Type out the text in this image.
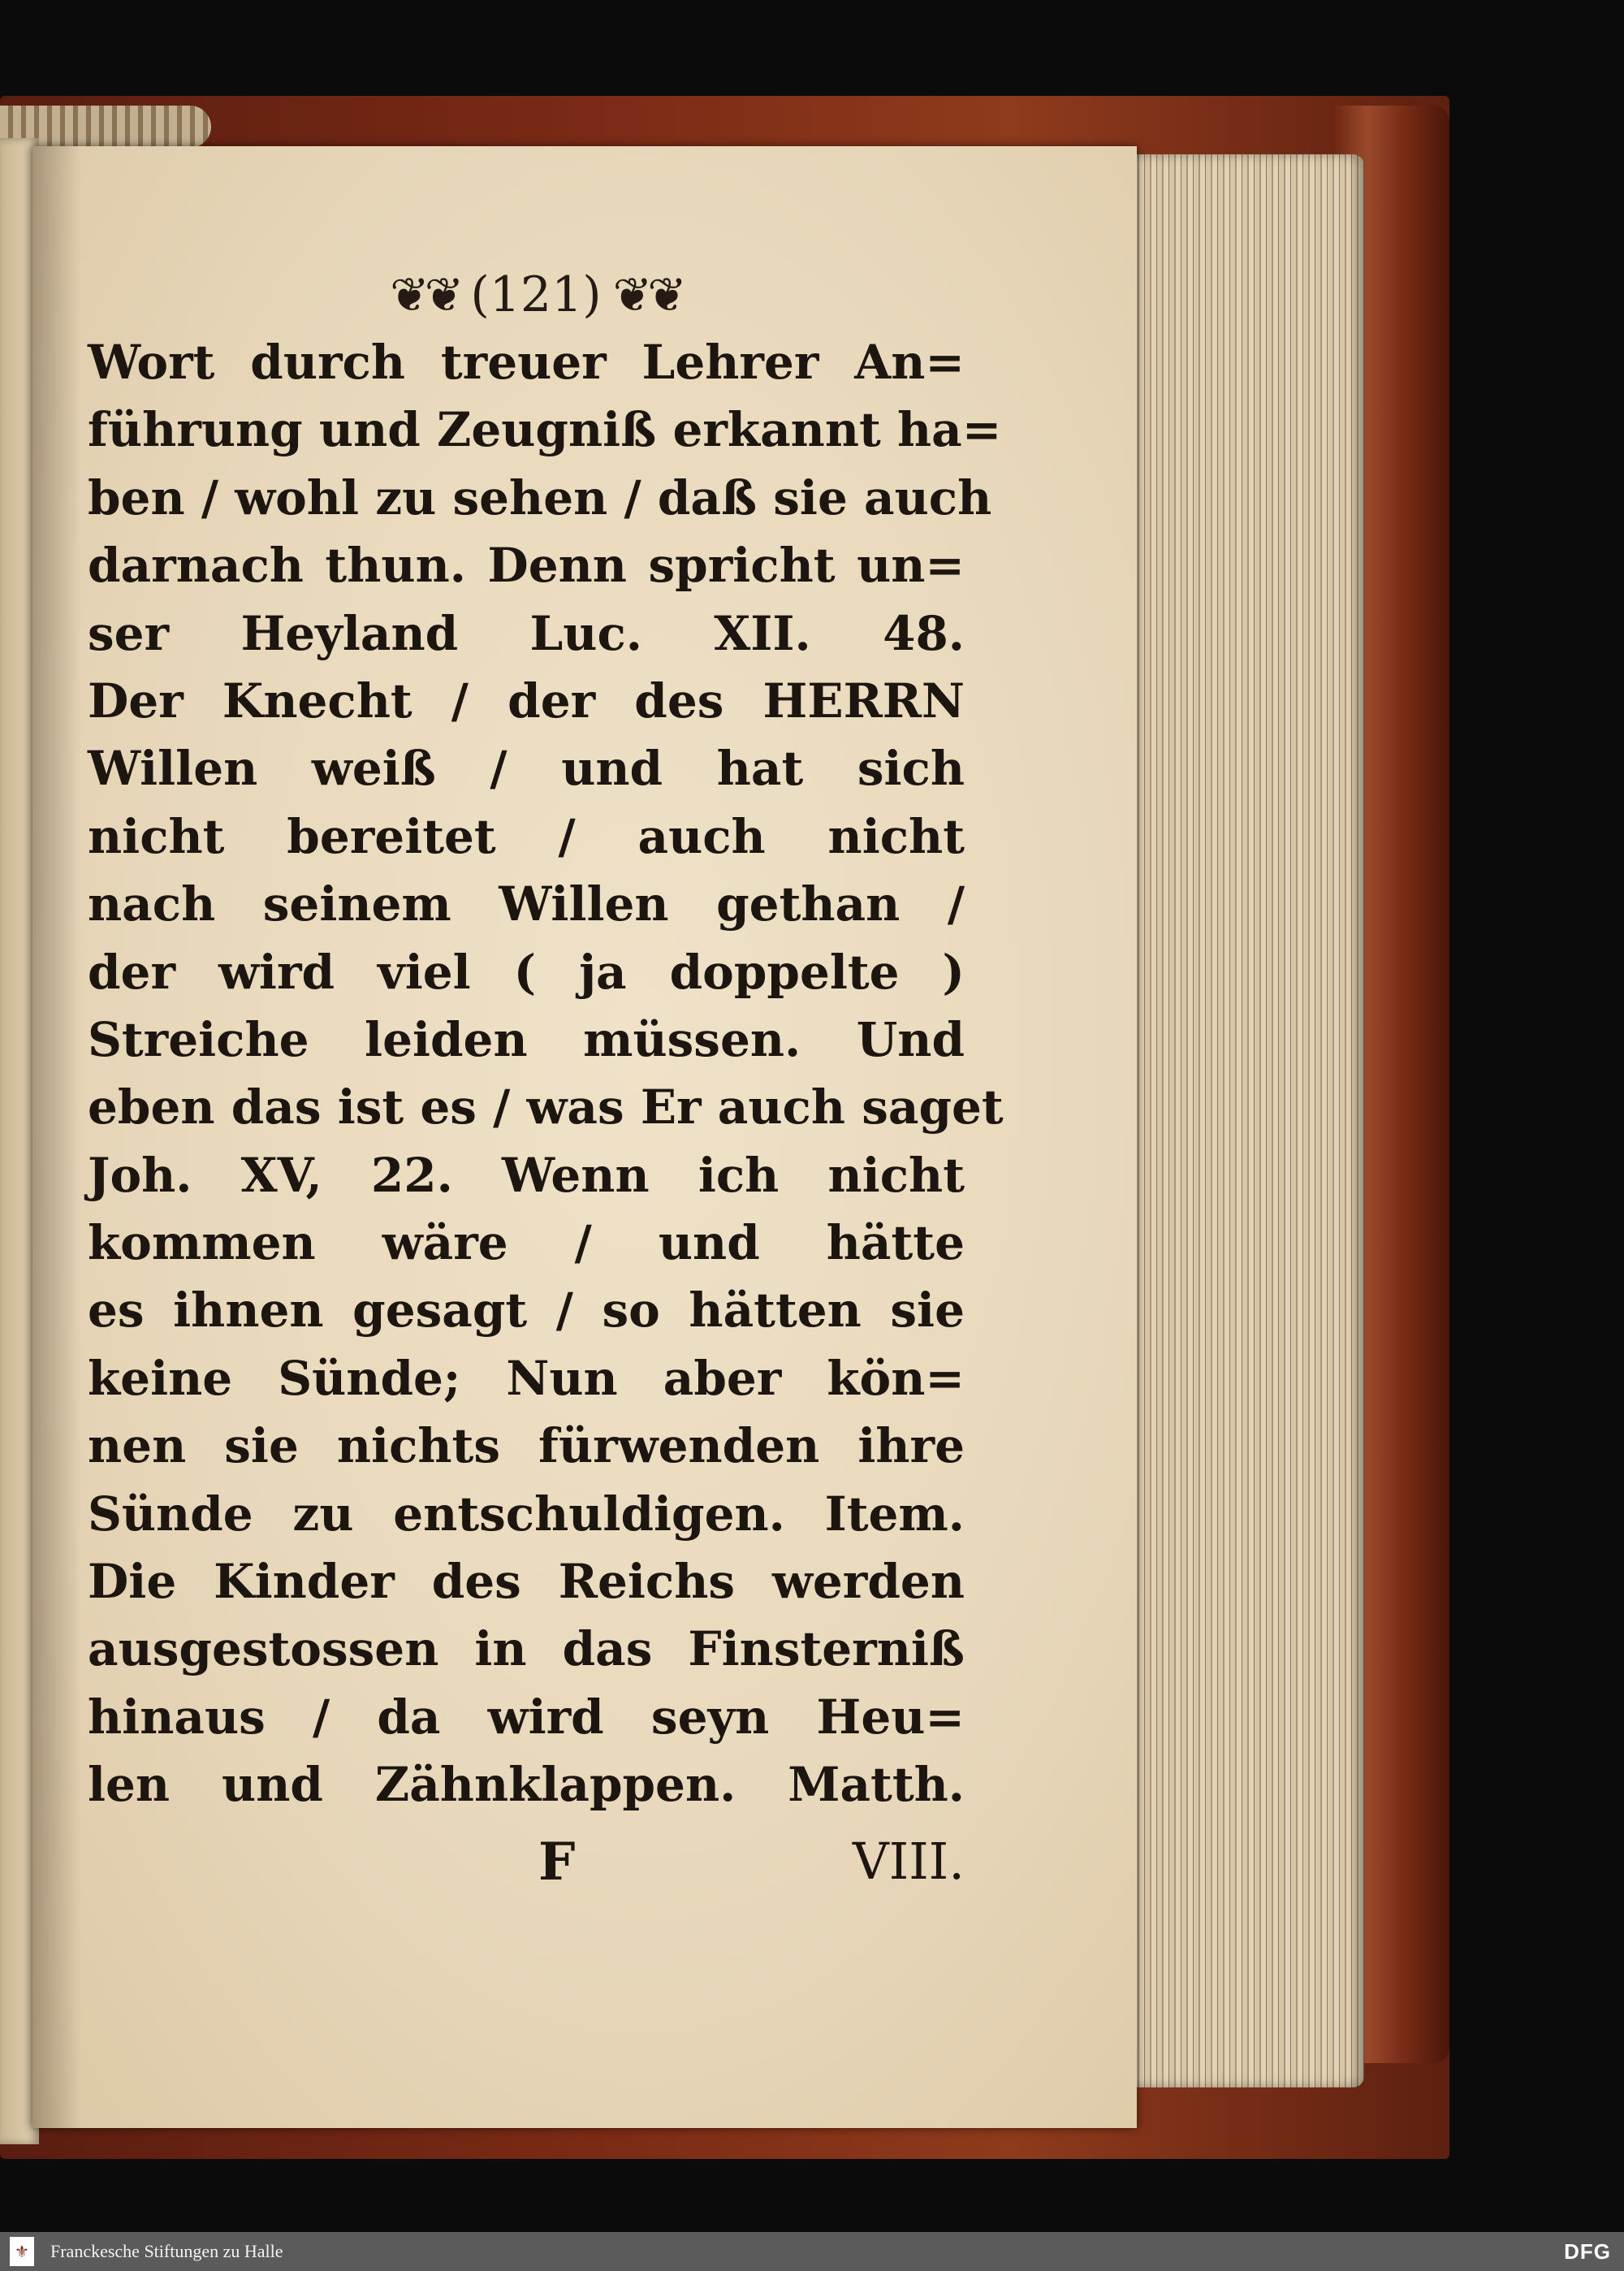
❦❦ (121) ❦❦
Wort durch treuer Lehrer An=
führung und Zeugniß erkannt ha=
ben / wohl zu sehen / daß sie auch
darnach thun. Denn spricht un=
ser Heyland Luc. XII. 48.
Der Knecht / der des HERRN
Willen weiß / und hat sich
nicht bereitet / auch nicht
nach seinem Willen gethan /
der wird viel ( ja doppelte )
Streiche leiden müssen. Und
eben das ist es / was Er auch saget
Joh. XV, 22. Wenn ich nicht
kommen wäre / und hätte
es ihnen gesagt / so hätten sie
keine Sünde; Nun aber kön=
nen sie nichts fürwenden ihre
Sünde zu entschuldigen. Item.
Die Kinder des Reichs werden
ausgestossen in das Finsterniß
hinaus / da wird seyn Heu=
len und Zähnklappen. Matth.
F	VIII.
⚜ Franckesche Stiftungen zu Halle	DFG
